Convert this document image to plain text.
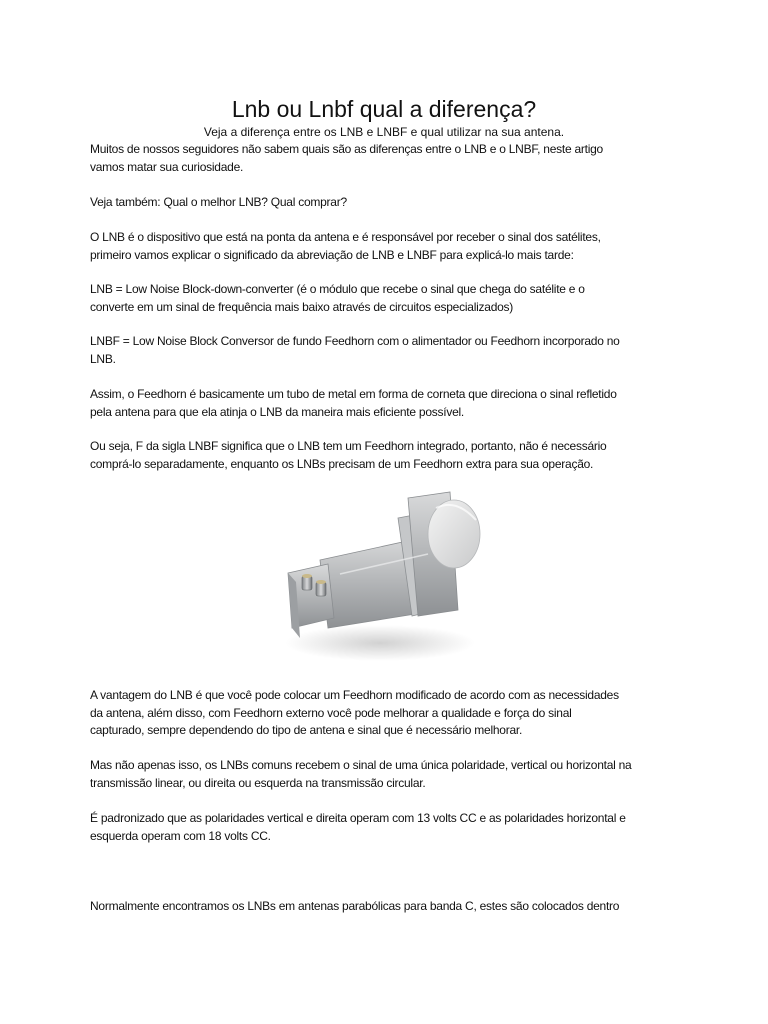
Lnb ou Lnbf qual a diferença?
Veja a diferença entre os LNB e LNBF e qual utilizar na sua antena.

Muitos de nossos seguidores não sabem quais são as diferenças entre o LNB e o LNBF, neste artigo
vamos matar sua curiosidade.

Veja também: Qual o melhor LNB? Qual comprar?

O LNB é o dispositivo que está na ponta da antena e é responsável por receber o sinal dos satélites,
primeiro vamos explicar o significado da abreviação de LNB e LNBF para explicá-lo mais tarde:

LNB = Low Noise Block-down-converter (é o módulo que recebe o sinal que chega do satélite e o
converte em um sinal de frequência mais baixo através de circuitos especializados)

LNBF = Low Noise Block Conversor de fundo Feedhorn com o alimentador ou Feedhorn incorporado no
LNB.

Assim, o Feedhorn é basicamente um tubo de metal em forma de corneta que direciona o sinal refletido
pela antena para que ela atinja o LNB da maneira mais eficiente possível.

Ou seja, F da sigla LNBF significa que o LNB tem um Feedhorn integrado, portanto, não é necessário
comprá-lo separadamente, enquanto os LNBs precisam de um Feedhorn extra para sua operação.

A vantagem do LNB é que você pode colocar um Feedhorn modificado de acordo com as necessidades
da antena, além disso, com Feedhorn externo você pode melhorar a qualidade e força do sinal
capturado, sempre dependendo do tipo de antena e sinal que é necessário melhorar.

Mas não apenas isso, os LNBs comuns recebem o sinal de uma única polaridade, vertical ou horizontal na
transmissão linear, ou direita ou esquerda na transmissão circular.

É padronizado que as polaridades vertical e direita operam com 13 volts CC e as polaridades horizontal e
esquerda operam com 18 volts CC.

Normalmente encontramos os LNBs em antenas parabólicas para banda C, estes são colocados dentro
